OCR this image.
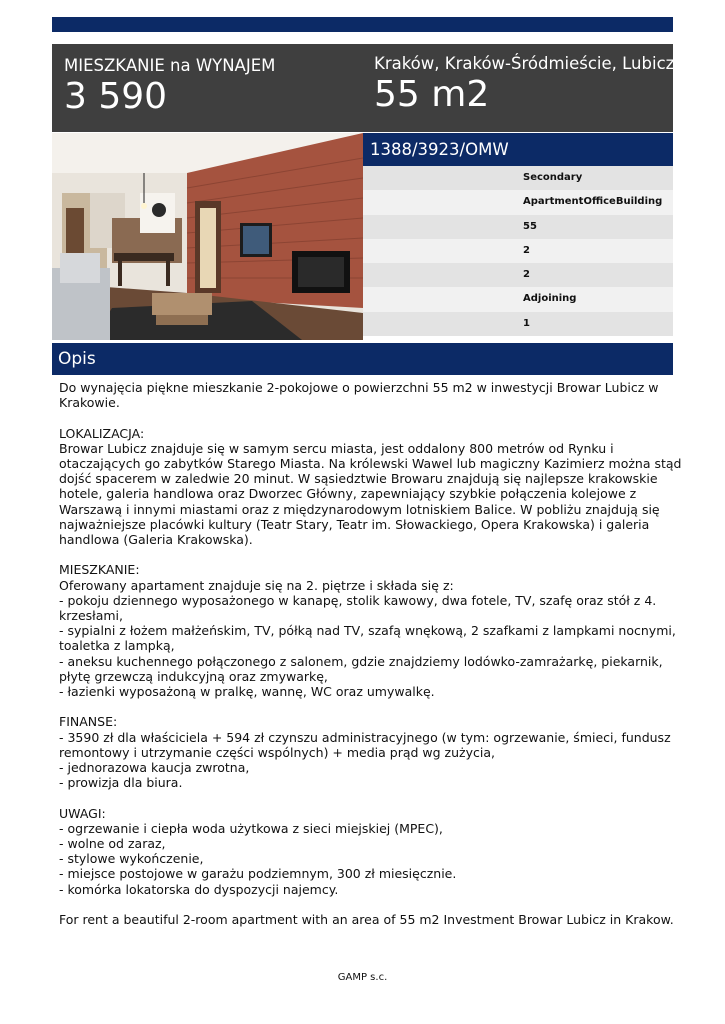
MIESZKANIE na WYNAJEM
3 590
Kraków, Kraków-Śródmieście, Lubicz
55 m2
1388/3923/OMW
Secondary
ApartmentOfficeBuilding
55
2
2
Adjoining
1
Opis

Do wynajęcia piękne mieszkanie 2-pokojowe o powierzchni 55 m2 w inwestycji Browar Lubicz w

Krakowie.

LOKALIZACJA:

Browar Lubicz znajduje się w samym sercu miasta, jest oddalony 800 metrów od Rynku i

otaczających go zabytków Starego Miasta. Na królewski Wawel lub magiczny Kazimierz można stąd

dojść spacerem w zaledwie 20 minut. W sąsiedztwie Browaru znajdują się najlepsze krakowskie

hotele, galeria handlowa oraz Dworzec Główny, zapewniający szybkie połączenia kolejowe z

Warszawą i innymi miastami oraz z międzynarodowym lotniskiem Balice. W pobliżu znajdują się

najważniejsze placówki kultury (Teatr Stary, Teatr im. Słowackiego, Opera Krakowska) i galeria

handlowa (Galeria Krakowska).

MIESZKANIE:

Oferowany apartament znajduje się na 2. piętrze i składa się z:

- pokoju dziennego wyposażonego w kanapę, stolik kawowy, dwa fotele, TV, szafę oraz stół z 4.

krzesłami,

- sypialni z łożem małżeńskim, TV, półką nad TV, szafą wnękową, 2 szafkami z lampkami nocnymi,

toaletka z lampką,

- aneksu kuchennego połączonego z salonem, gdzie znajdziemy lodówko-zamrażarkę, piekarnik,

płytę grzewczą indukcyjną oraz zmywarkę,

- łazienki wyposażoną w pralkę, wannę, WC oraz umywalkę.

FINANSE:

- 3590 zł dla właściciela + 594 zł czynszu administracyjnego (w tym: ogrzewanie, śmieci, fundusz

remontowy i utrzymanie części wspólnych) + media prąd wg zużycia,

- jednorazowa kaucja zwrotna,

- prowizja dla biura.

UWAGI:

- ogrzewanie i ciepła woda użytkowa z sieci miejskiej (MPEC),

- wolne od zaraz,

- stylowe wykończenie,

- miejsce postojowe w garażu podziemnym, 300 zł miesięcznie.

- komórka lokatorska do dyspozycji najemcy.

For rent a beautiful 2-room apartment with an area of 55 m2 Investment Browar Lubicz in Krakow.

GAMP s.c.
